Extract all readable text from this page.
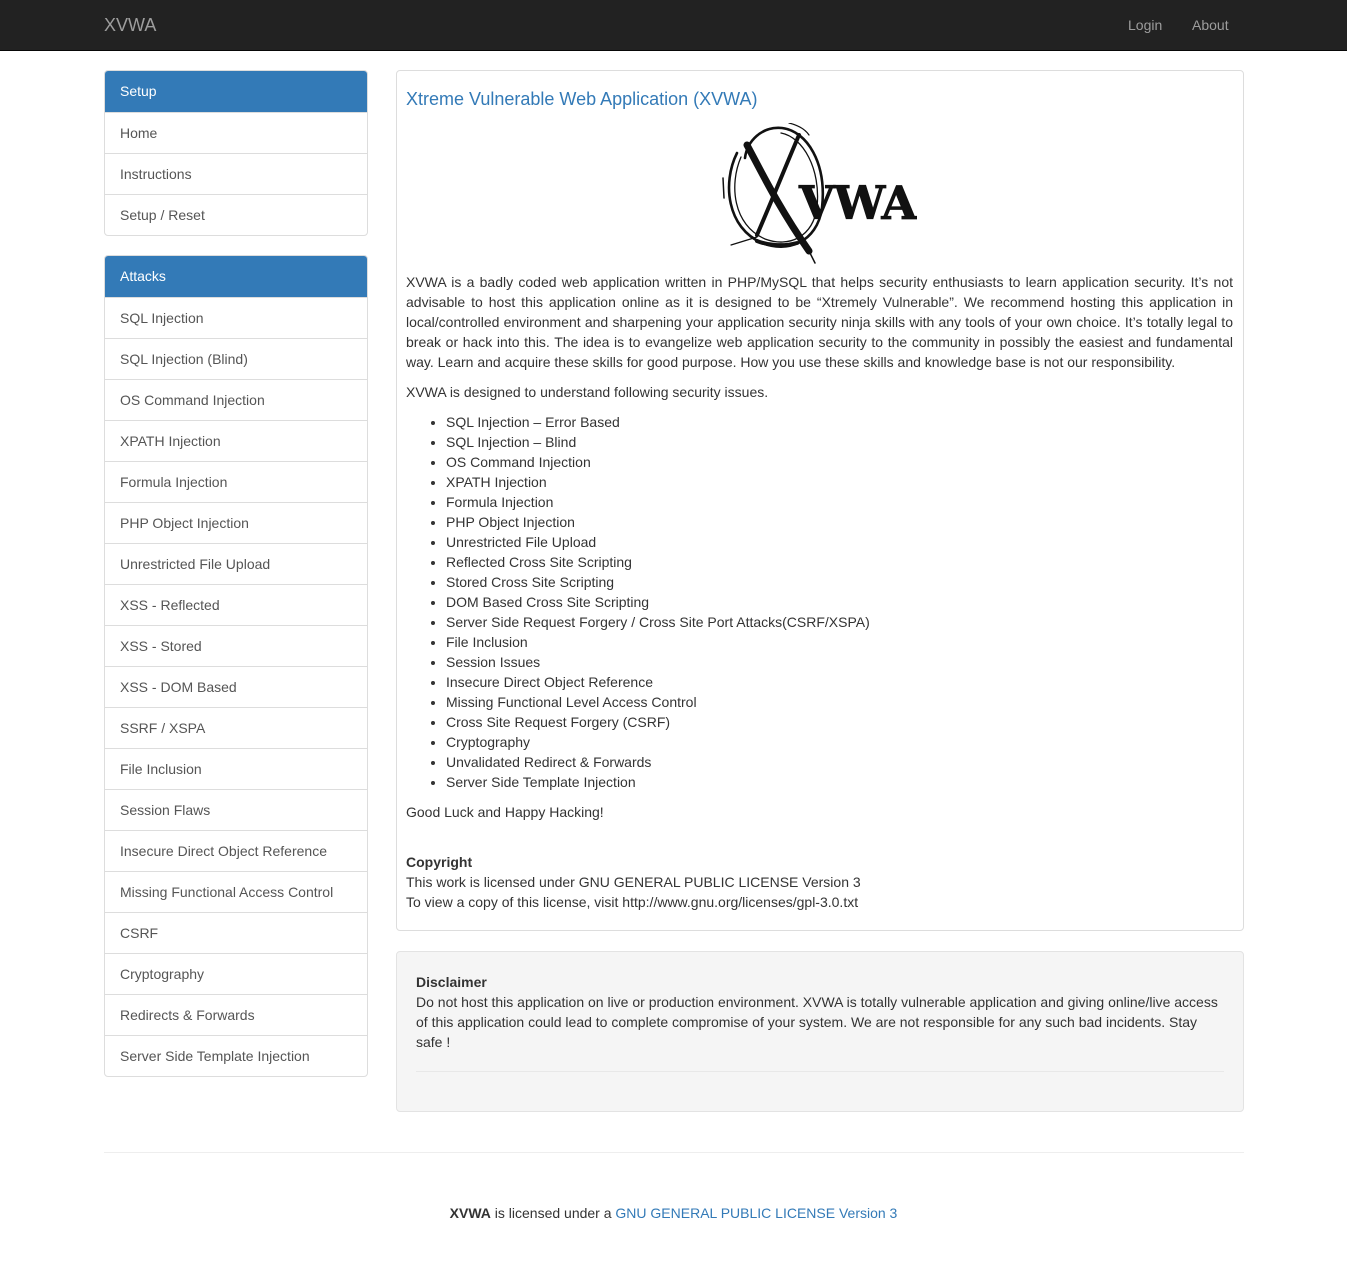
XVWA	Login About
Setup
Home
Instructions
Setup / Reset
Attacks
SQL Injection
SQL Injection (Blind)
OS Command Injection
XPATH Injection
Formula Injection
PHP Object Injection
Unrestricted File Upload
XSS - Reflected
XSS - Stored
XSS - DOM Based
SSRF / XSPA
File Inclusion
Session Flaws
Insecure Direct Object Reference
Missing Functional Access Control
CSRF
Cryptography
Redirects & Forwards
Server Side Template Injection
Xtreme Vulnerable Web Application (XVWA)
VWA

XVWA is a badly coded web application written in PHP/MySQL that helps security enthusiasts to learn application security. It’s not advisable to host this application online as it is designed to be “Xtremely Vulnerable”. We recommend hosting this application in local/controlled environment and sharpening your application security ninja skills with any tools of your own choice. It’s totally legal to break or hack into this. The idea is to evangelize web application security to the community in possibly the easiest and fundamental way. Learn and acquire these skills for good purpose. How you use these skills and knowledge base is not our responsibility.

XVWA is designed to understand following security issues.

• SQL Injection – Error Based
• SQL Injection – Blind
• OS Command Injection
• XPATH Injection
• Formula Injection
• PHP Object Injection
• Unrestricted File Upload
• Reflected Cross Site Scripting
• Stored Cross Site Scripting
• DOM Based Cross Site Scripting
• Server Side Request Forgery / Cross Site Port Attacks(CSRF/XSPA)
• File Inclusion
• Session Issues
• Insecure Direct Object Reference
• Missing Functional Level Access Control
• Cross Site Request Forgery (CSRF)
• Cryptography
• Unvalidated Redirect & Forwards
• Server Side Template Injection

Good Luck and Happy Hacking!

Copyright
This work is licensed under GNU GENERAL PUBLIC LICENSE Version 3
To view a copy of this license, visit http://www.gnu.org/licenses/gpl-3.0.txt
Disclaimer

Do not host this application on live or production environment. XVWA is totally vulnerable application and giving online/live access of this application could lead to complete compromise of your system. We are not responsible for any such bad incidents. Stay safe !

XVWA is licensed under a GNU GENERAL PUBLIC LICENSE Version 3
